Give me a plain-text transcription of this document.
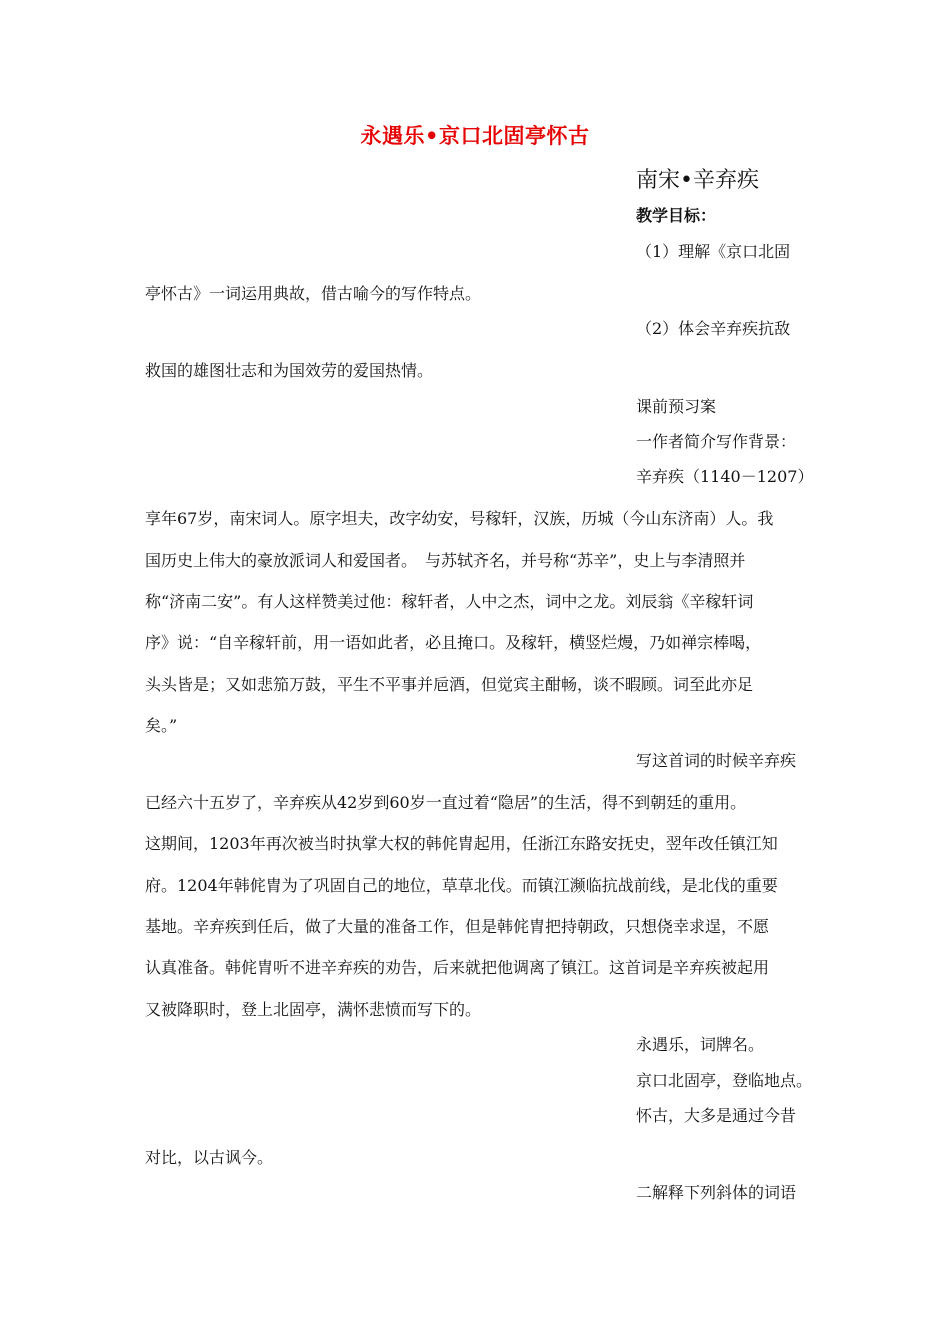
永遇乐•京口北固亭怀古
南宋•辛弃疾
教学目标：
（1）理解《京口北固
亭怀古》一词运用典故，借古喻今的写作特点。
（2）体会辛弃疾抗敌
救国的雄图壮志和为国效劳的爱国热情。
课前预习案
一作者简介写作背景：
辛弃疾（1140－1207）
享年67岁，南宋词人。原字坦夫，改字幼安，号稼轩，汉族，历城（今山东济南）人。我
国历史上伟大的豪放派词人和爱国者。　与苏轼齐名，并号称“苏辛”，史上与李清照并
称“济南二安”。有人这样赞美过他：稼轩者，人中之杰，词中之龙。刘辰翁《辛稼轩词
序》说：“自辛稼轩前，用一语如此者，必且掩口。及稼轩，横竖烂熳，乃如禅宗棒喝，
头头皆是；又如悲笳万鼓，平生不平事并巵酒，但觉宾主酣畅，谈不暇顾。词至此亦足
矣。”
写这首词的时候辛弃疾
已经六十五岁了，辛弃疾从42岁到60岁一直过着“隐居”的生活，得不到朝廷的重用。
这期间，1203年再次被当时执掌大权的韩侂胄起用，任浙江东路安抚史，翌年改任镇江知
府。1204年韩侂胄为了巩固自己的地位，草草北伐。而镇江濒临抗战前线，是北伐的重要
基地。辛弃疾到任后，做了大量的准备工作，但是韩侂胄把持朝政，只想侥幸求逞，不愿
认真准备。韩侂胄听不进辛弃疾的劝告，后来就把他调离了镇江。这首词是辛弃疾被起用
又被降职时，登上北固亭，满怀悲愤而写下的。
永遇乐，词牌名。
京口北固亭，登临地点。
怀古，大多是通过今昔
对比，以古讽今。
二解释下列斜体的词语
